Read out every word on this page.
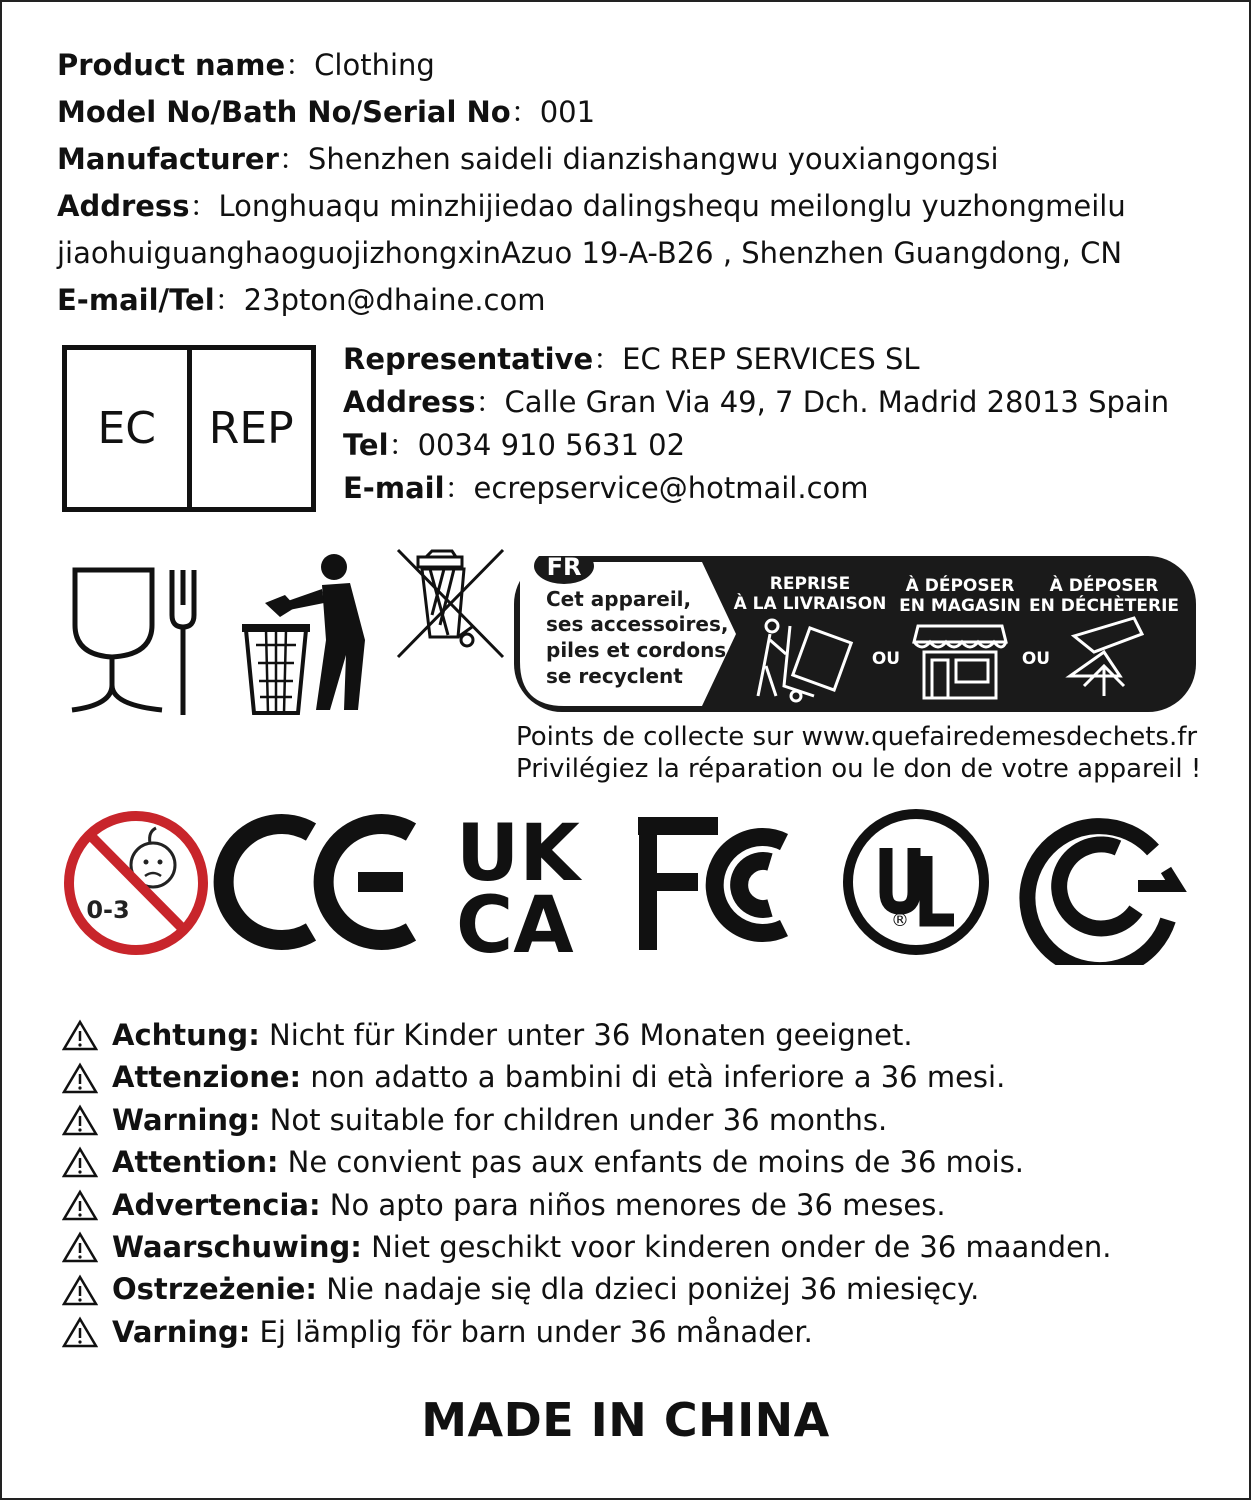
Product name：Clothing
Model No/Bath No/Serial No：001
Manufacturer：Shenzhen saideli dianzishangwu youxiangongsi
Address：Longhuaqu minzhijiedao dalingshequ meilonglu yuzhongmeilu
jiaohuiguanghaoguojizhongxinAzuo 19-A-B26 , Shenzhen Guangdong, CN
E-mail/Tel：23pton@dhaine.com
EC	REP
Representative：EC REP SERVICES SL
Address：Calle Gran Via 49, 7 Dch. Madrid 28013 Spain
Tel：0034 910 5631 02
E-mail：ecrepservice@hotmail.com
FR
Cet appareil,
ses accessoires,
piles et cordons
se recyclent
REPRISE
À LA LIVRAISON
À DÉPOSER
EN MAGASIN
À DÉPOSER
EN DÉCHÈTERIE
OU	OU
Points de collecte sur www.quefairedemesdechets.fr
Privilégiez la réparation ou le don de votre appareil !
0-3
UK
CA	®
Achtung: Nicht für Kinder unter 36 Monaten geeignet.
Attenzione: non adatto a bambini di età inferiore a 36 mesi.
Warning: Not suitable for children under 36 months.
Attention: Ne convient pas aux enfants de moins de 36 mois.
Advertencia: No apto para niños menores de 36 meses.
Waarschuwing: Niet geschikt voor kinderen onder de 36 maanden.
Ostrzeżenie: Nie nadaje się dla dzieci poniżej 36 miesięcy.
Varning: Ej lämplig för barn under 36 månader.
MADE IN CHINA
